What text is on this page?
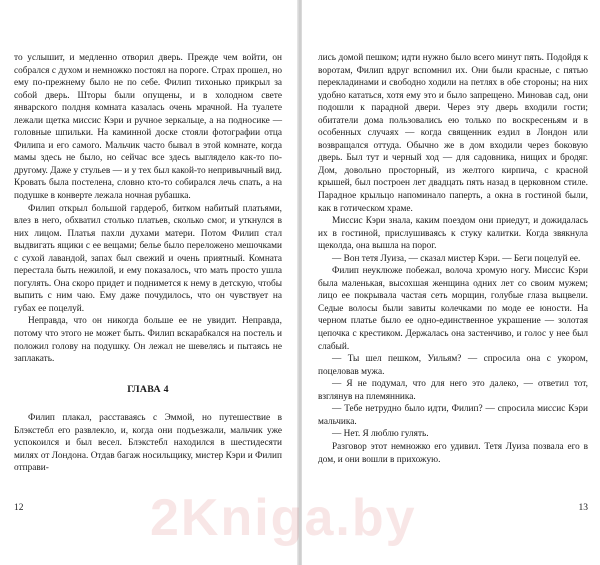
то услышит, и медленно отворил дверь. Прежде чем войти, он собрался с духом и немножко постоял на пороге. Страх прошел, но ему по-прежнему было не по себе. Филип тихонько прикрыл за собой дверь. Шторы были опущены, и в холодном свете январского полдня комната казалась очень мрачной. На туалете лежали щетка миссис Кэри и ручное зеркальце, а на подносике — головные шпильки. На каминной доске стояли фотографии отца Филипа и его самого. Мальчик часто бывал в этой комнате, когда мамы здесь не было, но сейчас все здесь выглядело как-то по-другому. Даже у стульев — и у тех был какой-то непривычный вид. Кровать была постелена, словно кто-то собирался лечь спать, а на подушке в конверте лежала ночная рубашка.

Филип открыл большой гардероб, битком набитый платьями, влез в него, обхватил столько платьев, сколько смог, и уткнулся в них лицом. Платья пахли духами матери. Потом Филип стал выдвигать ящики с ее вещами; белье было переложено мешочками с сухой лавандой, запах был свежий и очень приятный. Комната перестала быть нежилой, и ему показалось, что мать просто ушла погулять. Она скоро придет и поднимется к нему в детскую, чтобы выпить с ним чаю. Ему даже почудилось, что он чувствует на губах ее поцелуй.

Неправда, что он никогда больше ее не увидит. Неправда, потому что этого не может быть. Филип вскарабкался на постель и положил голову на подушку. Он лежал не шевелясь и пытаясь не заплакать.

ГЛАВА 4

Филип плакал, расставаясь с Эммой, но путешествие в Блэкстебл его развлекло, и, когда они подъезжали, мальчик уже успокоился и был весел. Блэкстебл находился в шестидесяти милях от Лондона. Отдав багаж носильщику, мистер Кэри и Филип отправи-

12

лись домой пешком; идти нужно было всего минут пять. Подойдя к воротам, Филип вдруг вспомнил их. Они были красные, с пятью перекладинами и свободно ходили на петлях в обе стороны; на них удобно кататься, хотя ему это и было запрещено. Миновав сад, они подошли к парадной двери. Через эту дверь входили гости; обитатели дома пользовались ею только по воскресеньям и в особенных случаях — когда священник ездил в Лондон или возвращался оттуда. Обычно же в дом входили через боковую дверь. Был тут и черный ход — для садовника, нищих и бродяг. Дом, довольно просторный, из желтого кирпича, с красной крышей, был построен лет двадцать пять назад в церковном стиле. Парадное крыльцо напоминало паперть, а окна в гостиной были, как в готическом храме.

Миссис Кэри знала, каким поездом они приедут, и дожидалась их в гостиной, прислушиваясь к стуку калитки. Когда звякнула щеколда, она вышла на порог.

— Вон тетя Луиза, — сказал мистер Кэри. — Беги поцелуй ее.

Филип неуклюже побежал, волоча хромую ногу. Миссис Кэри была маленькая, высохшая женщина одних лет со своим мужем; лицо ее покрывала частая сеть морщин, голубые глаза выцвели. Седые волосы были завиты колечками по моде ее юности. На черном платье было ее одно-единственное украшение — золотая цепочка с крестиком. Держалась она застенчиво, и голос у нее был слабый.

— Ты шел пешком, Уильям? — спросила она с укором, поцеловав мужа.

— Я не подумал, что для него это далеко, — ответил тот, взглянув на племянника.

— Тебе нетрудно было идти, Филип? — спросила миссис Кэри мальчика.

— Нет. Я люблю гулять.

Разговор этот немножко его удивил. Тетя Луиза позвала его в дом, и они вошли в прихожую.

13
2Kniga.by
